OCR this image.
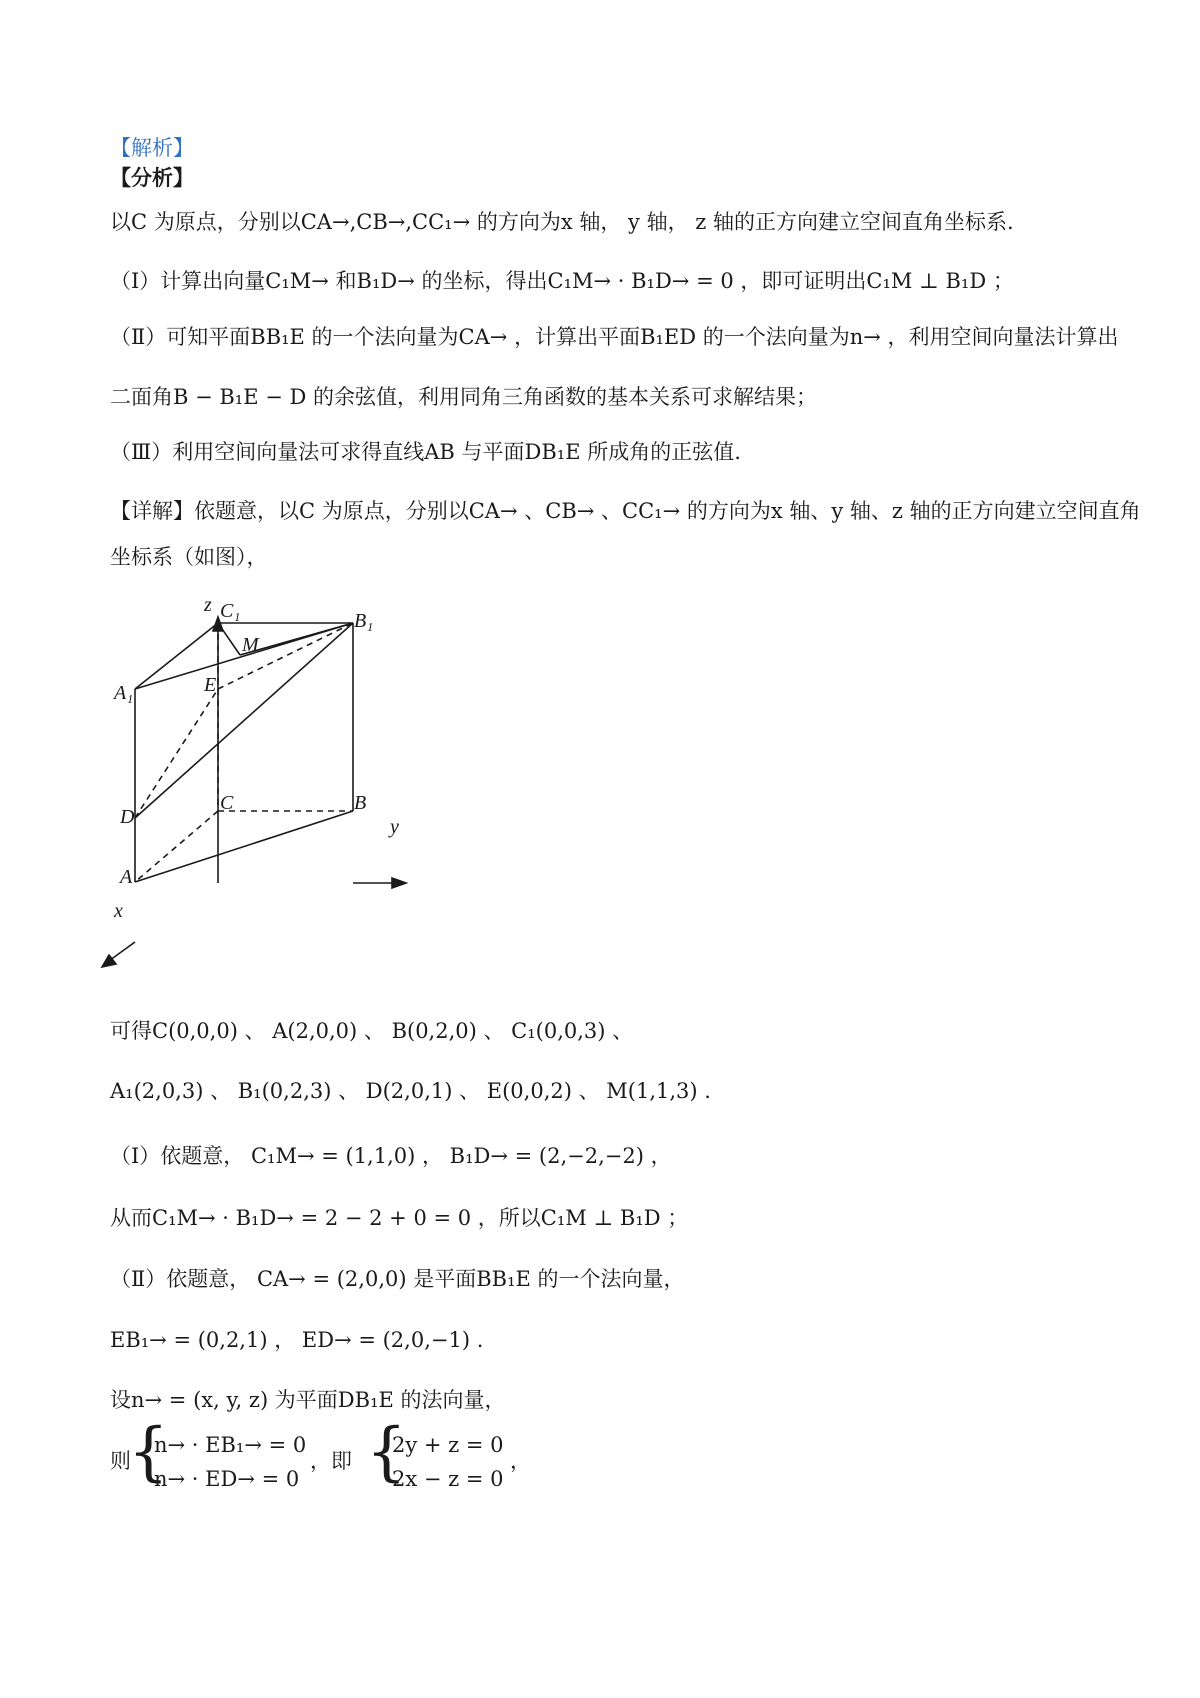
【解析】
【分析】
以C 为原点，分别以CA→,CB→,CC₁→ 的方向为x 轴， y 轴， z 轴的正方向建立空间直角坐标系.
（Ⅰ）计算出向量C₁M→ 和B₁D→ 的坐标，得出C₁M→ · B₁D→ = 0 ，即可证明出C₁M ⊥ B₁D ；
（Ⅱ）可知平面BB₁E 的一个法向量为CA→ ，计算出平面B₁ED 的一个法向量为n→ ，利用空间向量法计算出
二面角B − B₁E − D 的余弦值，利用同角三角函数的基本关系可求解结果；
（Ⅲ）利用空间向量法可求得直线AB 与平面DB₁E 所成角的正弦值.
【详解】依题意，以C 为原点，分别以CA→ 、CB→ 、CC₁→ 的方向为x 轴、y 轴、z 轴的正方向建立空间直角
坐标系（如图），
z C₁	B₁
M
A₁	E
C	B
y
D
A
x
可得C(0,0,0) 、 A(2,0,0) 、 B(0,2,0) 、 C₁(0,0,3) 、
A₁(2,0,3) 、 B₁(0,2,3) 、 D(2,0,1) 、 E(0,0,2) 、 M(1,1,3) .
（Ⅰ）依题意， C₁M→ = (1,1,0) ， B₁D→ = (2,−2,−2) ，
从而C₁M→ · B₁D→ = 2 − 2 + 0 = 0 ，所以C₁M ⊥ B₁D ；
（Ⅱ）依题意， CA→ = (2,0,0) 是平面BB₁E 的一个法向量，
EB₁→ = (0,2,1) ， ED→ = (2,0,−1) .
设n→ = (x, y, z) 为平面DB₁E 的法向量，
则
{
n→ · EB₁→ = 0
n→ · ED→ = 0
，即 {
2y + z = 0
2x − z = 0
，
